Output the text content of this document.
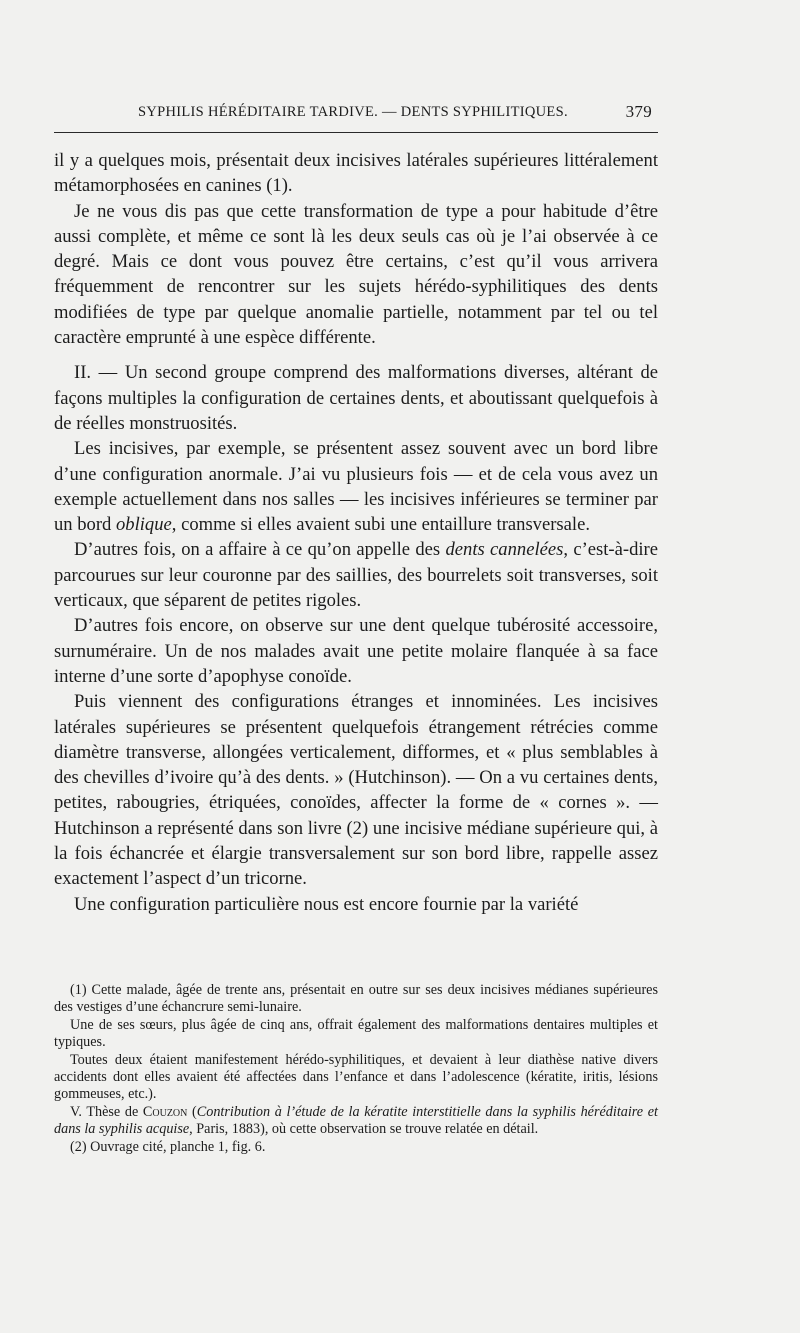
SYPHILIS HÉRÉDITAIRE TARDIVE. — DENTS SYPHILITIQUES.	379

il y a quelques mois, présentait deux incisives latérales supérieures littéralement métamorphosées en canines (1).

Je ne vous dis pas que cette transformation de type a pour habitude d’être aussi complète, et même ce sont là les deux seuls cas où je l’ai observée à ce degré. Mais ce dont vous pouvez être certains, c’est qu’il vous arrivera fréquemment de rencontrer sur les sujets hérédo-syphilitiques des dents modifiées de type par quelque anomalie partielle, notamment par tel ou tel caractère emprunté à une espèce différente.

II. — Un second groupe comprend des malformations diverses, altérant de façons multiples la configuration de certaines dents, et aboutissant quelquefois à de réelles monstruosités.

Les incisives, par exemple, se présentent assez souvent avec un bord libre d’une configuration anormale. J’ai vu plusieurs fois — et de cela vous avez un exemple actuellement dans nos salles — les incisives inférieures se terminer par un bord oblique, comme si elles avaient subi une entaillure transversale.

D’autres fois, on a affaire à ce qu’on appelle des dents cannelées, c’est-à-dire parcourues sur leur couronne par des saillies, des bourrelets soit transverses, soit verticaux, que séparent de petites rigoles.

D’autres fois encore, on observe sur une dent quelque tubérosité accessoire, surnuméraire. Un de nos malades avait une petite molaire flanquée à sa face interne d’une sorte d’apophyse conoïde.

Puis viennent des configurations étranges et innominées. Les incisives latérales supérieures se présentent quelquefois étrangement rétrécies comme diamètre transverse, allongées verticalement, difformes, et « plus semblables à des chevilles d’ivoire qu’à des dents. » (Hutchinson). — On a vu certaines dents, petites, rabougries, étriquées, conoïdes, affecter la forme de « cornes ». — Hutchinson a représenté dans son livre (2) une incisive médiane supérieure qui, à la fois échancrée et élargie transversalement sur son bord libre, rappelle assez exactement l’aspect d’un tricorne.

Une configuration particulière nous est encore fournie par la variété

(1) Cette malade, âgée de trente ans, présentait en outre sur ses deux incisives médianes supérieures des vestiges d’une échancrure semi-lunaire.

Une de ses sœurs, plus âgée de cinq ans, offrait également des malformations dentaires multiples et typiques.

Toutes deux étaient manifestement hérédo-syphilitiques, et devaient à leur diathèse native divers accidents dont elles avaient été affectées dans l’enfance et dans l’adolescence (kératite, iritis, lésions gommeuses, etc.).

V. Thèse de Couzon (Contribution à l’étude de la kératite interstitielle dans la syphilis héréditaire et dans la syphilis acquise, Paris, 1883), où cette observation se trouve relatée en détail.

(2) Ouvrage cité, planche 1, fig. 6.
